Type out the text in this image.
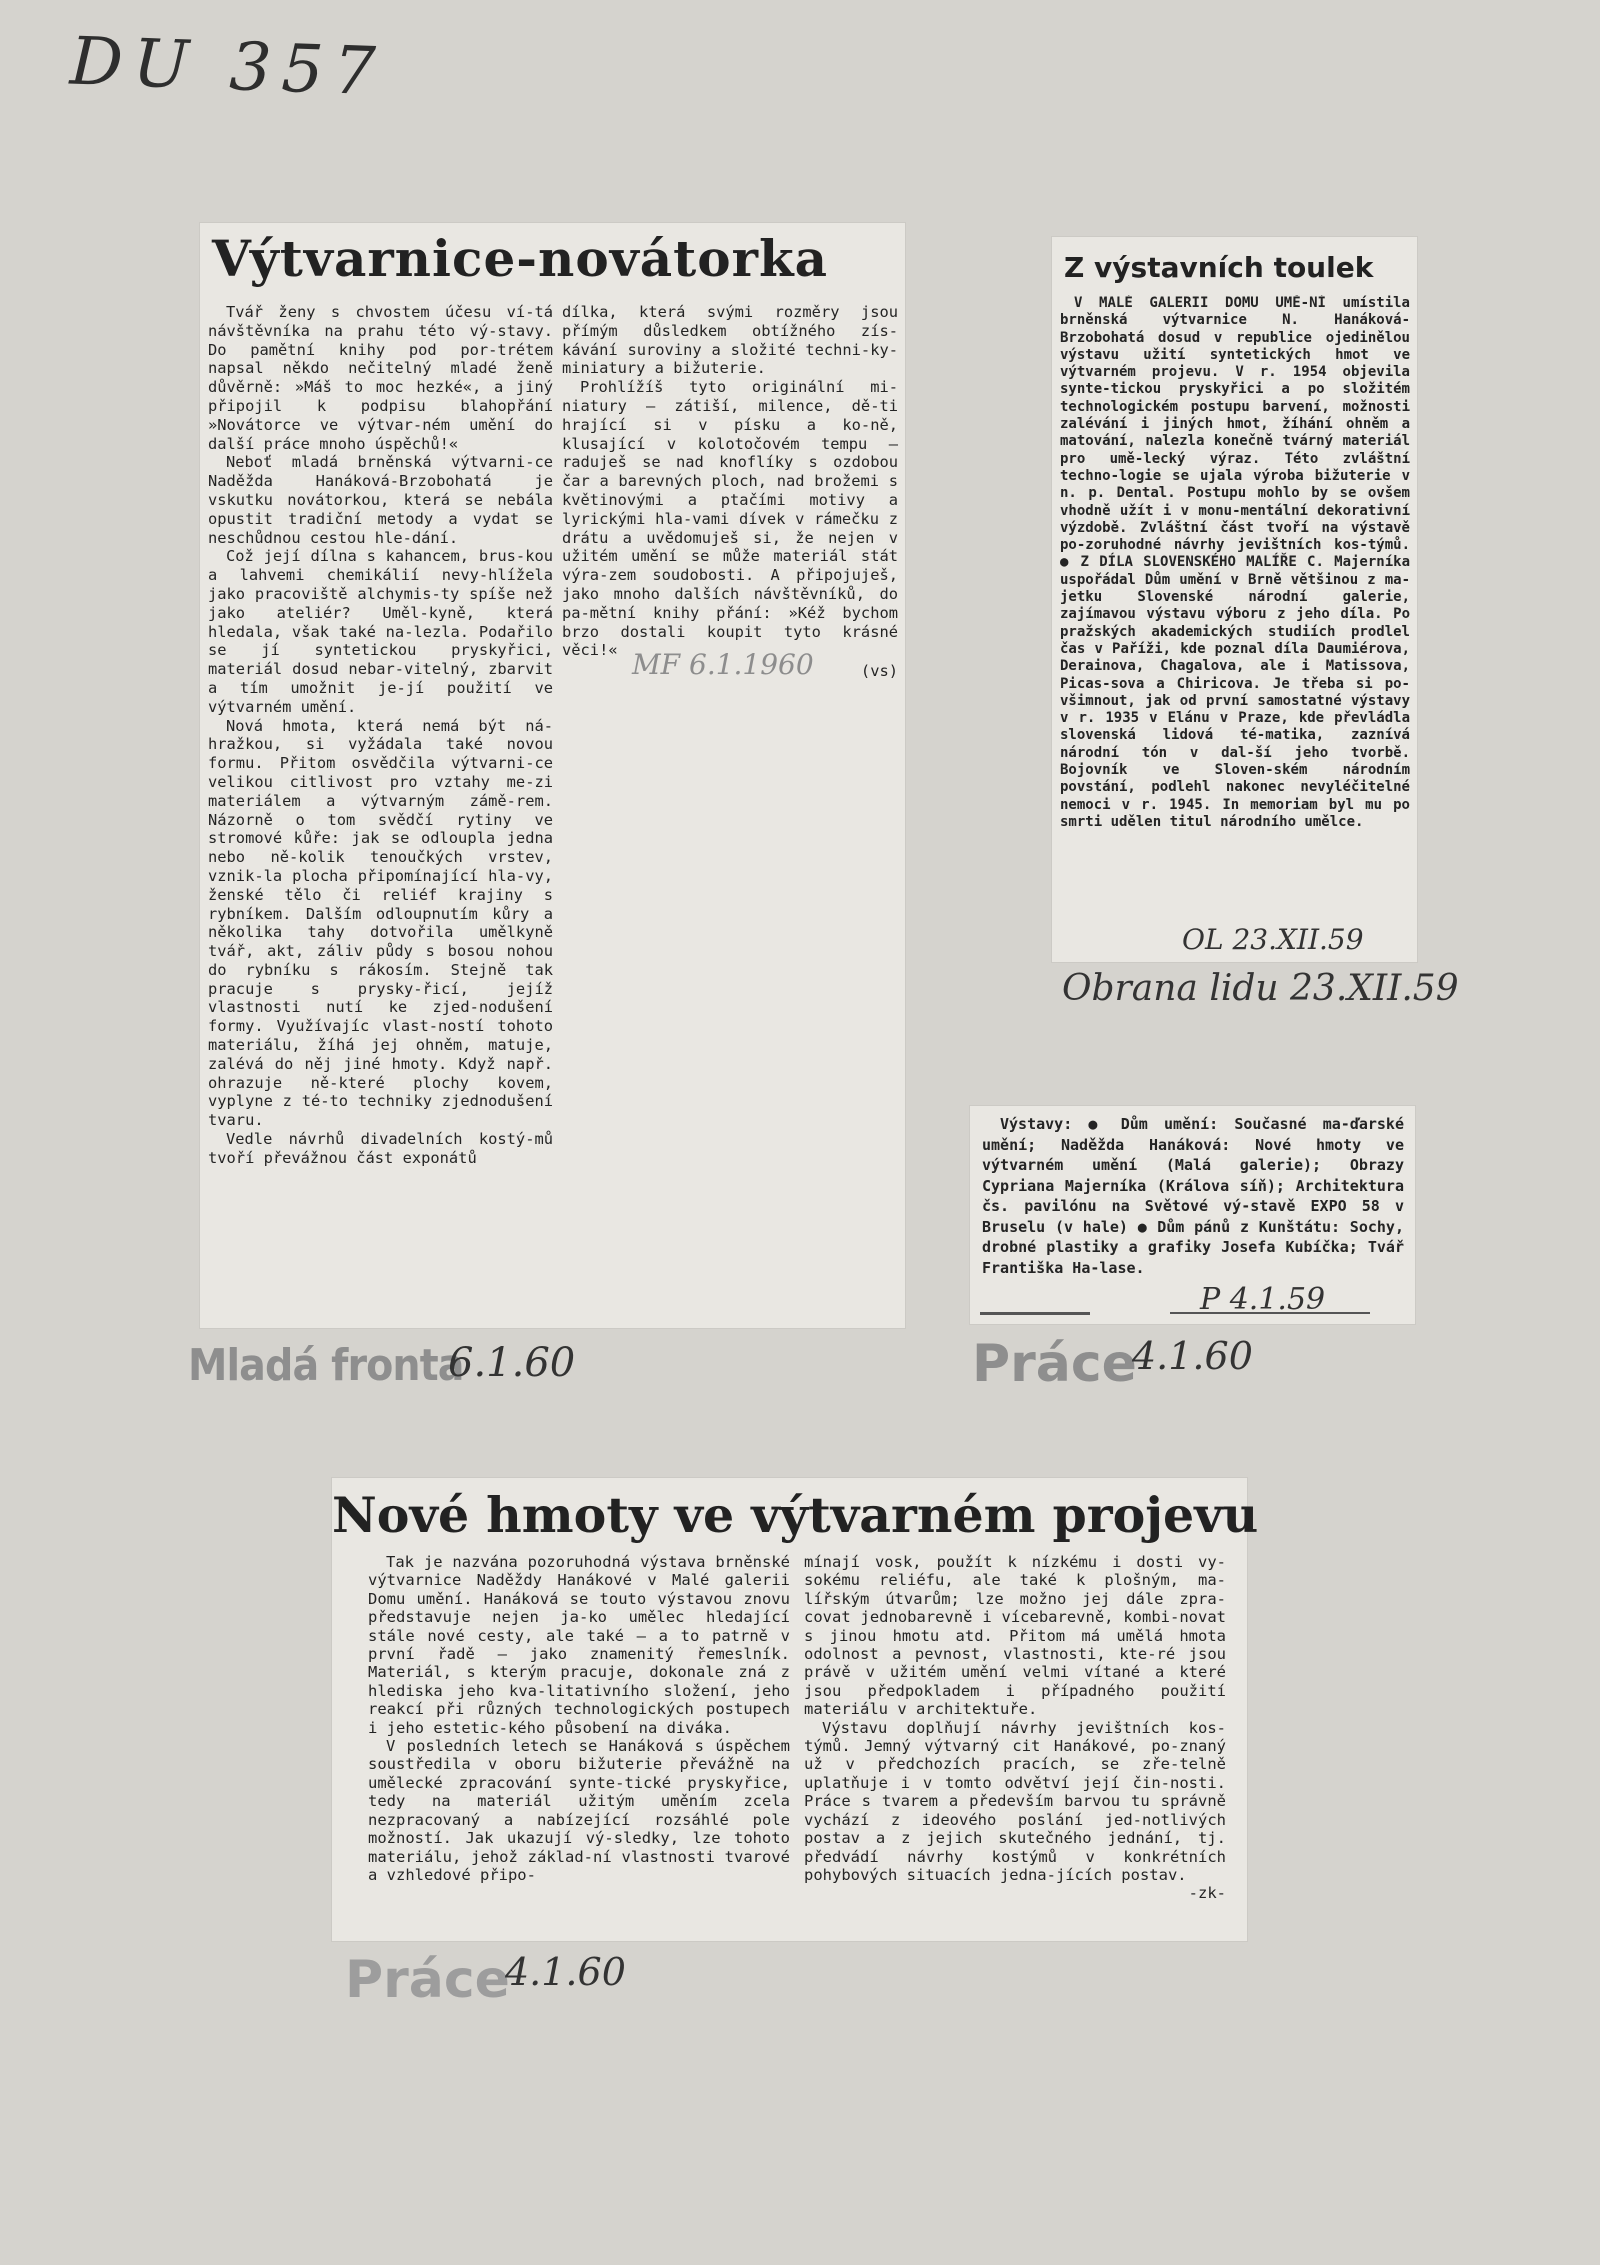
DU 357
Výtvarnice-novátorka

Tvář ženy s chvostem účesu ví-tá návštěvníka na prahu této vý-stavy. Do pamětní knihy pod por-trétem napsal někdo nečitelný mladé ženě důvěrně: »Máš to moc hezké«, a jiný připojil k podpisu blahopřání »Novátorce ve výtvar-ném umění do další práce mnoho úspěchů!«

Neboť mladá brněnská výtvarni-ce Naděžda Hanáková-Brzobohatá je vskutku novátorkou, která se nebála opustit tradiční metody a vydat se neschůdnou cestou hle-dání.

Což její dílna s kahancem, brus-kou a lahvemi chemikálií nevy-hlížela jako pracoviště alchymis-ty spíše než jako ateliér? Uměl-kyně, která hledala, však také na-lezla. Podařilo se jí syntetickou pryskyřici, materiál dosud nebar-vitelný, zbarvit a tím umožnit je-jí použití ve výtvarném umění.

Nová hmota, která nemá být ná-hražkou, si vyžádala také novou formu. Přitom osvědčila výtvarni-ce velikou citlivost pro vztahy me-zi materiálem a výtvarným zámě-rem. Názorně o tom svědčí rytiny ve stromové kůře: jak se odloupla jedna nebo ně-kolik tenoučkých vrstev, vznik-la plocha připomínající hla-vy, ženské tělo či reliéf krajiny s rybníkem. Dalším odloupnutím kůry a několika tahy dotvořila umělkyně tvář, akt, záliv půdy s bosou nohou do rybníku s rákosím. Stejně tak pracuje s prysky-řicí, jejíž vlastnosti nutí ke zjed-nodušení formy. Využívajíc vlast-ností tohoto materiálu, žíhá jej ohněm, matuje, zalévá do něj jiné hmoty. Když např. ohrazuje ně-které plochy kovem, vyplyne z té-to techniky zjednodušení tvaru.

Vedle návrhů divadelních kostý-mů tvoří převážnou část exponátů

dílka, která svými rozměry jsou přímým důsledkem obtížného zís-kávání suroviny a složité techni-ky-miniatury a bižuterie.

Prohlížíš tyto originální mi-niatury — zátiší, milence, dě-ti hrající si v písku a ko-ně, klusající v kolotočovém tempu — raduješ se nad knoflíky s ozdobou čar a barevných ploch, nad brožemi s květinovými a ptačími motivy a lyrickými hla-vami dívek v rámečku z drátu a uvědomuješ si, že nejen v užitém umění se může materiál stát výra-zem soudobosti. A připojuješ, jako mnoho dalších návštěvníků, do pa-mětní knihy přání: »Kéž bychom brzo dostali koupit tyto krásné věci!« MF 6.1.1960	(vs)
Mladá fronta
6.1.60
Z výstavních toulek

V MALÉ GALERII DOMU UMĚ-NÍ umístila brněnská výtvarnice N. Hanáková-Brzobohatá dosud v republice ojedinělou výstavu užití syntetických hmot ve výtvarném projevu. V r. 1954 objevila synte-tickou pryskyřici a po složitém technologickém postupu barvení, možnosti zalévání i jiných hmot, žíhání ohněm a matování, nalezla konečně tvárný materiál pro umě-lecký výraz. Této zvláštní techno-logie se ujala výroba bižuterie v n. p. Dental. Postupu mohlo by se ovšem vhodně užít i v monu-mentální dekorativní výzdobě. Zvláštní část tvoří na výstavě po-zoruhodné návrhy jevištních kos-týmů. ● Z DÍLA SLOVENSKÉHO MALÍŘE C. Majerníka uspořádal Dům umění v Brně většinou z ma-jetku Slovenské národní galerie, zajímavou výstavu výboru z jeho díla. Po pražských akademických studiích prodlel čas v Paříži, kde poznal díla Daumiérova, Derainova, Chagalova, ale i Matissova, Picas-sova a Chiricova. Je třeba si po-všimnout, jak od první samostatné výstavy v r. 1935 v Elánu v Praze, kde převládla slovenská lidová té-matika, zaznívá národní tón v dal-ší jeho tvorbě. Bojovník ve Sloven-ském národním povstání, podlehl nakonec nevyléčitelné nemoci v r. 1945. In memoriam byl mu po smrti udělen titul národního umělce.

OL 23.XII.59
Obrana lidu 23.XII.59

Výstavy: ● Dům umění: Současné ma-ďarské umění; Naděžda Hanáková: Nové hmoty ve výtvarném umění (Malá galerie); Obrazy Cypriana Majerníka (Králova síň); Architektura čs. pavilónu na Světové vý-stavě EXPO 58 v Bruselu (v hale) ● Dům pánů z Kunštátu: Sochy, drobné plastiky a grafiky Josefa Kubíčka; Tvář Františka Ha-lase.

P 4.1.59
Práce
4.1.60
Nové hmoty ve výtvarném projevu

Tak je nazvána pozoruhodná výstava brněnské výtvarnice Naděždy Hanákové v Malé galerii Domu umění. Hanáková se touto výstavou znovu představuje nejen ja-ko umělec hledající stále nové cesty, ale také — a to patrně v první řadě — jako znamenitý řemeslník. Materiál, s kterým pracuje, dokonale zná z hlediska jeho kva-litativního složení, jeho reakcí při různých technologických postupech i jeho estetic-kého působení na diváka.

V posledních letech se Hanáková s úspěchem soustředila v oboru bižuterie převážně na umělecké zpracování synte-tické pryskyřice, tedy na materiál užitým uměním zcela nezpracovaný a nabízející rozsáhlé pole možností. Jak ukazují vý-sledky, lze tohoto materiálu, jehož základ-ní vlastnosti tvarové a vzhledové připo-

mínají vosk, použít k nízkému i dosti vy-sokému reliéfu, ale také k plošným, ma-lířským útvarům; lze možno jej dále zpra-covat jednobarevně i vícebarevně, kombi-novat s jinou hmotu atd. Přitom má umělá hmota odolnost a pevnost, vlastnosti, kte-ré jsou právě v užitém umění velmi vítané a které jsou předpokladem i případného použití materiálu v architektuře.

Výstavu doplňují návrhy jevištních kos-týmů. Jemný výtvarný cit Hanákové, po-znaný už v předchozích pracích, se zře-telně uplatňuje i v tomto odvětví její čin-nosti. Práce s tvarem a především barvou tu správně vychází z ideového poslání jed-notlivých postav a z jejich skutečného jednání, tj. předvádí návrhy kostýmů v konkrétních pohybových situacích jedna-jících postav.

-zk-

Práce
4.1.60
